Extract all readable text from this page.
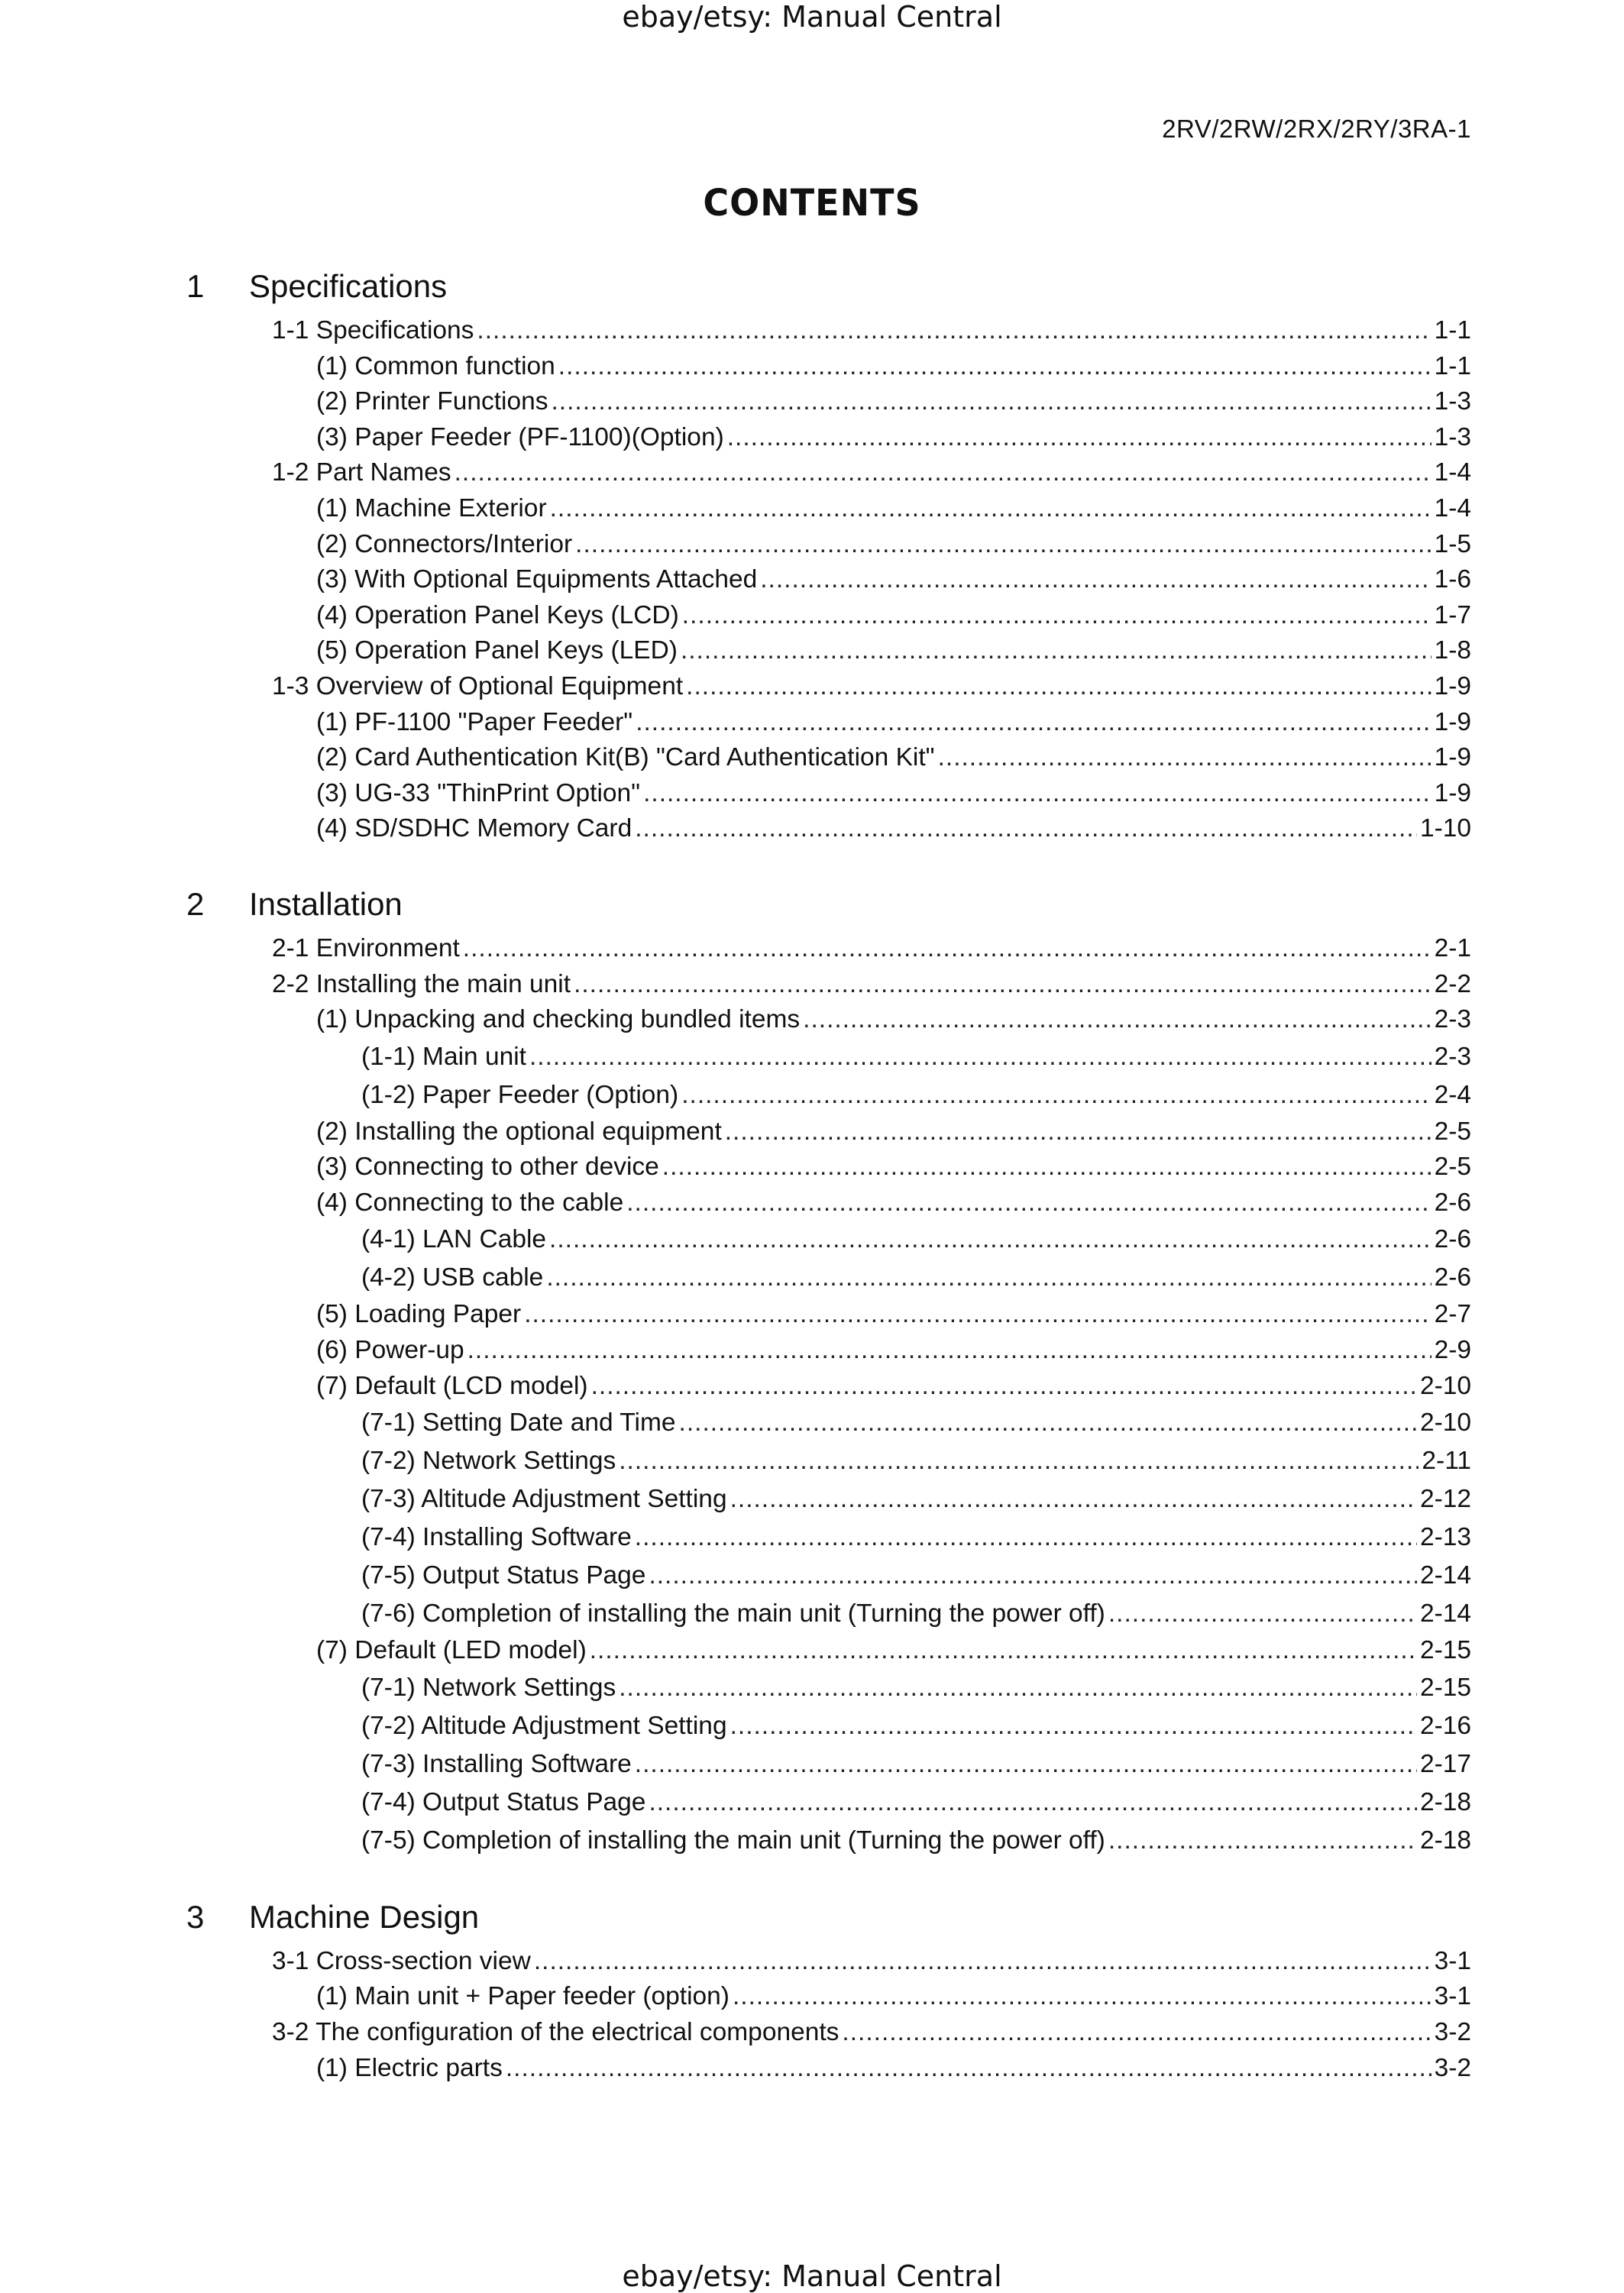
ebay/etsy: Manual Central
2RV/2RW/2RX/2RY/3RA-1
CONTENTS
1 Specifications
1-1 Specifications .....	1-1
(1) Common function .....	1-1
(2) Printer Functions .....	1-3
(3) Paper Feeder (PF-1100)(Option) .....	1-3
1-2 Part Names .....	1-4
(1) Machine Exterior .....	1-4
(2) Connectors/Interior .....	1-5
(3) With Optional Equipments Attached .....	1-6
(4) Operation Panel Keys (LCD) .....	1-7
(5) Operation Panel Keys (LED) .....	1-8
1-3 Overview of Optional Equipment .....	1-9
(1) PF-1100 "Paper Feeder" .....	1-9
(2) Card Authentication Kit(B) "Card Authentication Kit" .....	1-9
(3) UG-33 "ThinPrint Option" .....	1-9
(4) SD/SDHC Memory Card .....	1-10
2 Installation
2-1 Environment .....	2-1
2-2 Installing the main unit .....	2-2
(1) Unpacking and checking bundled items .....	2-3
(1-1) Main unit .....	2-3
(1-2) Paper Feeder (Option) .....	2-4
(2) Installing the optional equipment .....	2-5
(3) Connecting to other device .....	2-5
(4) Connecting to the cable .....	2-6
(4-1) LAN Cable .....	2-6
(4-2) USB cable .....	2-6
(5) Loading Paper .....	2-7
(6) Power-up .....	2-9
(7) Default (LCD model) .....	2-10
(7-1) Setting Date and Time .....	2-10
(7-2) Network Settings .....	2-11
(7-3) Altitude Adjustment Setting .....	2-12
(7-4) Installing Software .....	2-13
(7-5) Output Status Page .....	2-14
(7-6) Completion of installing the main unit (Turning the power off) .....	2-14
(7) Default (LED model) .....	2-15
(7-1) Network Settings .....	2-15
(7-2) Altitude Adjustment Setting .....	2-16
(7-3) Installing Software .....	2-17
(7-4) Output Status Page .....	2-18
(7-5) Completion of installing the main unit (Turning the power off) .....	2-18
3 Machine Design
3-1 Cross-section view .....	3-1
(1) Main unit + Paper feeder (option) .....	3-1
3-2 The configuration of the electrical components .....	3-2
(1) Electric parts .....	3-2
ebay/etsy: Manual Central
